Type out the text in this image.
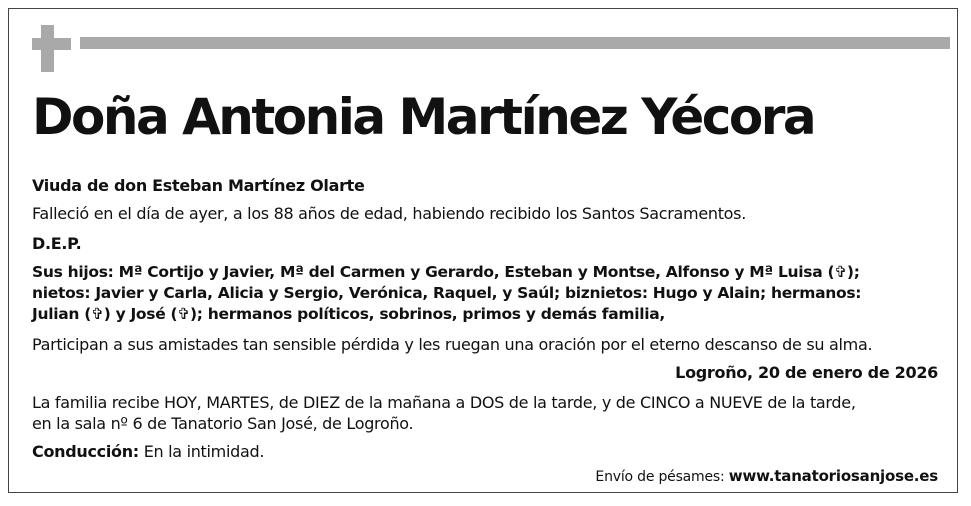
Doña Antonia Martínez Yécora

Viuda de don Esteban Martínez Olarte

Falleció en el día de ayer, a los 88 años de edad, habiendo recibido los Santos Sacramentos.

D.E.P.

Sus hijos: Mª Cortijo y Javier, Mª del Carmen y Gerardo, Esteban y Montse, Alfonso y Mª Luisa (✞);
nietos: Javier y Carla, Alicia y Sergio, Verónica, Raquel, y Saúl; biznietos: Hugo y Alain; hermanos:
Julian (✞) y José (✞); hermanos políticos, sobrinos, primos y demás familia,

Participan a sus amistades tan sensible pérdida y les ruegan una oración por el eterno descanso de su alma.

Logroño, 20 de enero de 2026

La familia recibe HOY, MARTES, de DIEZ de la mañana a DOS de la tarde, y de CINCO a NUEVE de la tarde,
en la sala nº 6 de Tanatorio San José, de Logroño.

Conducción: En la intimidad.

Envío de pésames: www.tanatoriosanjose.es
